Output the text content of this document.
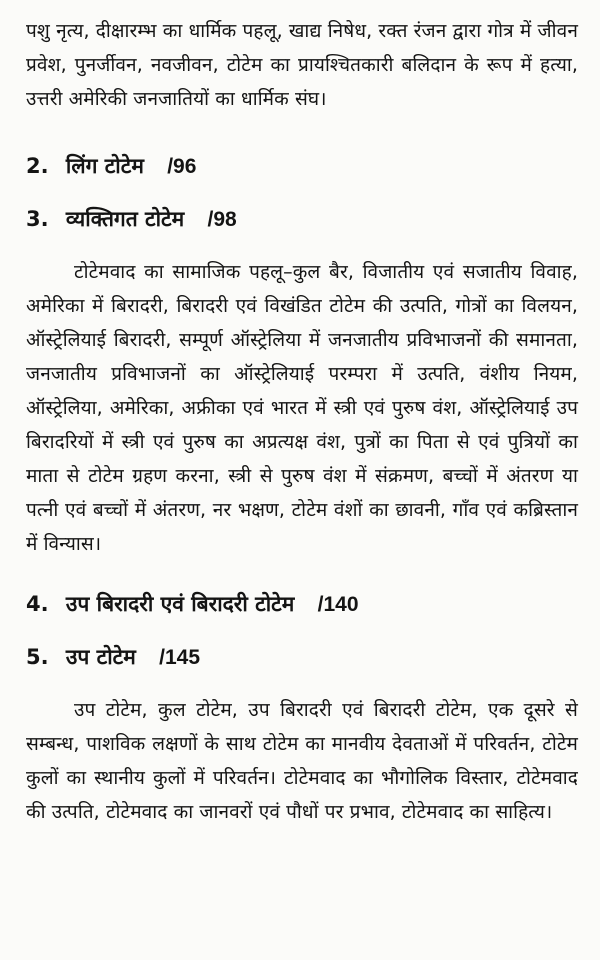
पशु नृत्य, दीक्षारम्भ का धार्मिक पहलू, खाद्य निषेध, रक्त रंजन द्वारा गोत्र में जीवन प्रवेश, पुनर्जीवन, नवजीवन, टोटेम का प्रायश्चितकारी बलिदान के रूप में हत्या, उत्तरी अमेरिकी जनजातियों का धार्मिक संघ।

2. लिंग टोटेम /96
3. व्यक्तिगत टोटेम /98

टोटेमवाद का सामाजिक पहलू–कुल बैर, विजातीय एवं सजातीय विवाह, अमेरिका में बिरादरी, बिरादरी एवं विखंडित टोटेम की उत्पति, गोत्रों का विलयन, ऑस्ट्रेलियाई बिरादरी, सम्पूर्ण ऑस्ट्रेलिया में जनजातीय प्रविभाजनों की समानता, जनजातीय प्रविभाजनों का ऑस्ट्रेलियाई परम्परा में उत्पति, वंशीय नियम, ऑस्ट्रेलिया, अमेरिका, अफ्रीका एवं भारत में स्त्री एवं पुरुष वंश, ऑस्ट्रेलियाई उप बिरादरियों में स्त्री एवं पुरुष का अप्रत्यक्ष वंश, पुत्रों का पिता से एवं पुत्रियों का माता से टोटेम ग्रहण करना, स्त्री से पुरुष वंश में संक्रमण, बच्चों में अंतरण या पत्नी एवं बच्चों में अंतरण, नर भक्षण, टोटेम वंशों का छावनी, गाँव एवं कब्रिस्तान में विन्यास।

4. उप बिरादरी एवं बिरादरी टोटेम /140
5. उप टोटेम /145

उप टोटेम, कुल टोटेम, उप बिरादरी एवं बिरादरी टोटेम, एक दूसरे से सम्बन्ध, पाशविक लक्षणों के साथ टोटेम का मानवीय देवताओं में परिवर्तन, टोटेम कुलों का स्थानीय कुलों में परिवर्तन। टोटेमवाद का भौगोलिक विस्तार, टोटेमवाद की उत्पति, टोटेमवाद का जानवरों एवं पौधों पर प्रभाव, टोटेमवाद का साहित्य।
